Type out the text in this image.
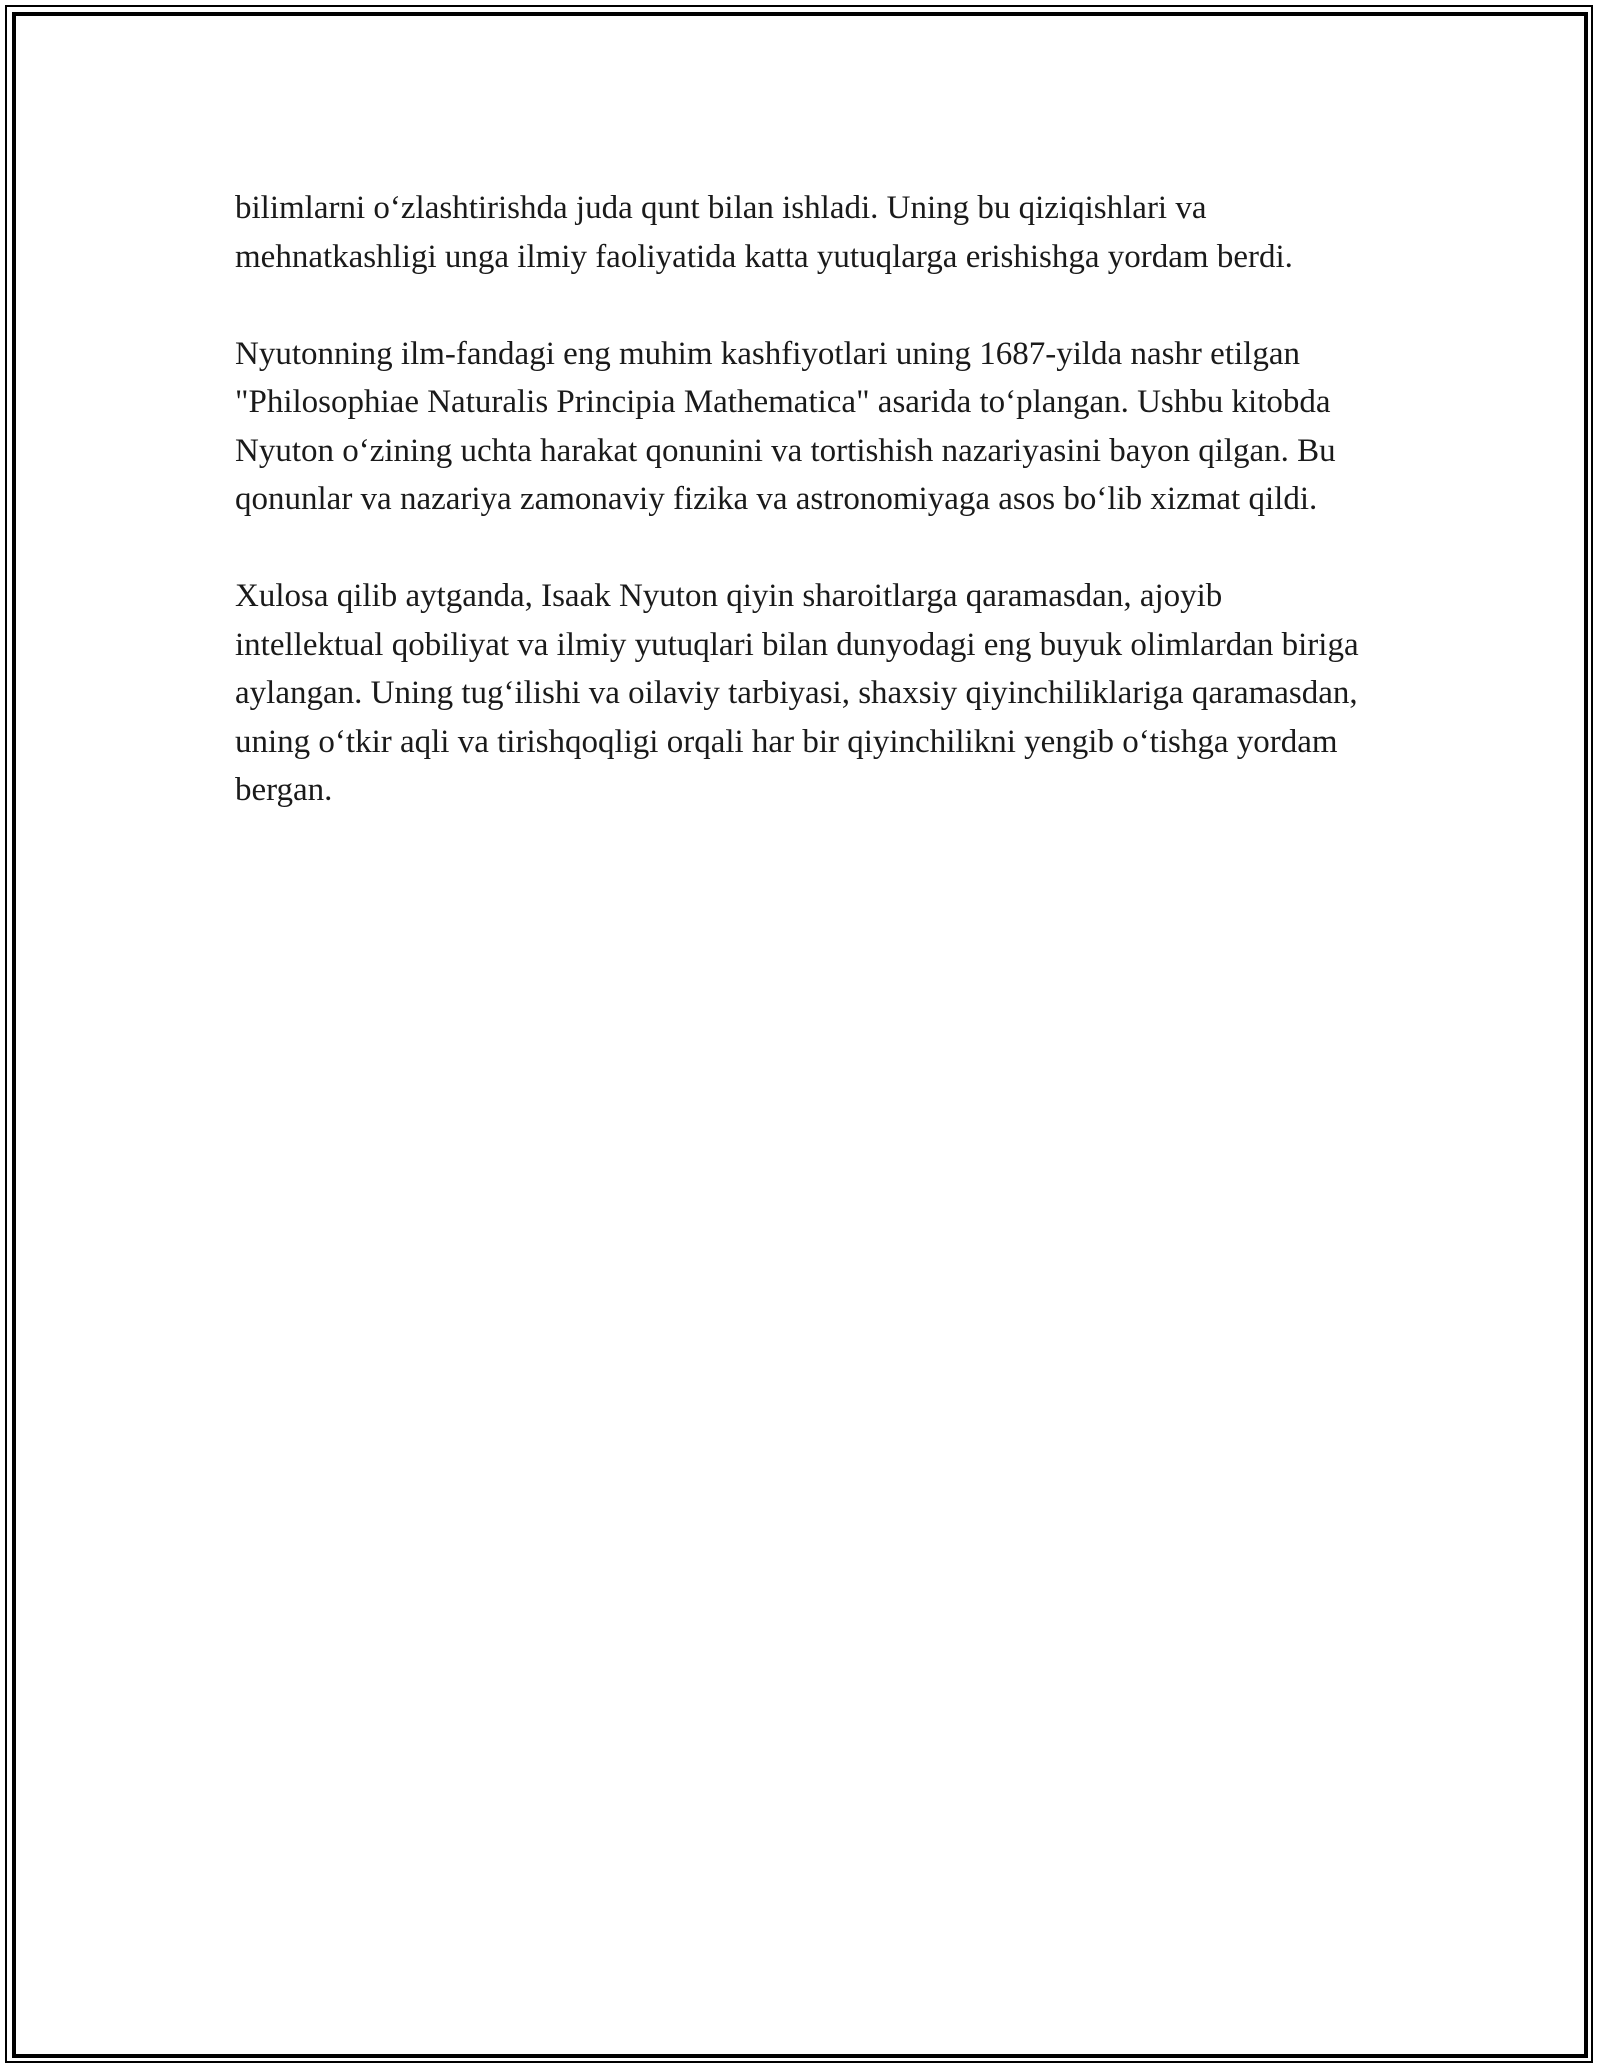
bilimlarni o‘zlashtirishda juda qunt bilan ishladi. Uning bu qiziqishlari va mehnatkashligi unga ilmiy faoliyatida katta yutuqlarga erishishga yordam berdi.

Nyutonning ilm-fandagi eng muhim kashfiyotlari uning 1687-yilda nashr etilgan "Philosophiae Naturalis Principia Mathematica" asarida to‘plangan. Ushbu kitobda Nyuton o‘zining uchta harakat qonunini va tortishish nazariyasini bayon qilgan. Bu qonunlar va nazariya zamonaviy fizika va astronomiyaga asos bo‘lib xizmat qildi.

Xulosa qilib aytganda, Isaak Nyuton qiyin sharoitlarga qaramasdan, ajoyib intellektual qobiliyat va ilmiy yutuqlari bilan dunyodagi eng buyuk olimlardan biriga aylangan. Uning tug‘ilishi va oilaviy tarbiyasi, shaxsiy qiyinchiliklariga qaramasdan, uning o‘tkir aqli va tirishqoqligi orqali har bir qiyinchilikni yengib o‘tishga yordam bergan.
